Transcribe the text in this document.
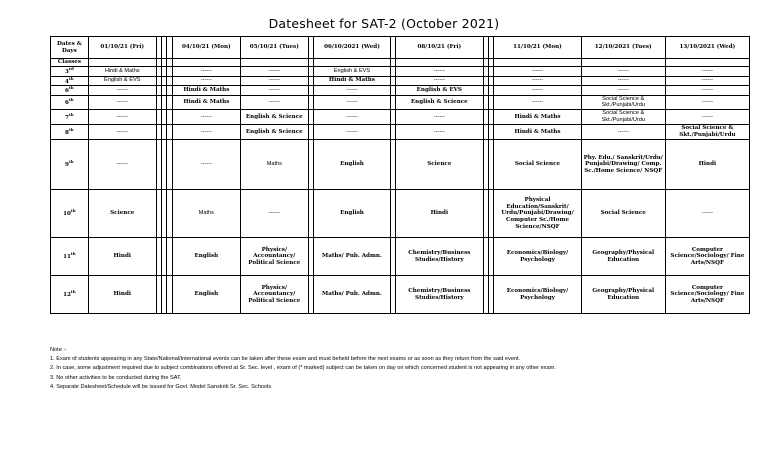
Datesheet for SAT-2 (October 2021)
Dates & Days	01/10/21 (Fri)				04/10/21 (Mon)	05/10/21 (Tues)		06/10/2021 (Wed)		08/10/21 (Fri)			11/10/21 (Mon)	12/10/2021 (Tues)	13/10/2021 (Wed)
Classes															
3rd	Hindi & Maths				------	------		English & EVS		------			------	------	------
4th	English & EVS				------	------		Hindi & Maths		------			------	------	------
6th	------				Hindi & Maths	------		------		English & EVS			------	------	------
6th	------				Hindi & Maths	------		------		English & Science			------	Social Science & Skt./Punjabi/Urdu	------
7th	------				------	English & Science		------		------			Hindi & Maths	Social Science & Skt./Punjabi/Urdu	------
8th	------				------	English & Science		------		------			Hindi & Maths	------	Social Science & Skt./Punjabi/Urdu
9th	------				------	Maths		English		Science			Social Science	Phy. Edu./ Sanskrit/Urdu/ Punjabi/Drawing/ Comp. Sc./Home Science/ NSQF	Hindi
10th	Science				Maths	------		English		Hindi			Physical Education/Sanskrit/ Urdu/Punjabi/Drawing/ Computer Sc./Home Science/NSQF	Social Science	------
11th	Hindi				English	Physics/ Accountancy/ Political Science		Maths/ Pub. Admn.		Chemistry/Business Studies/History			Economics/Biology/ Psychology	Geography/Physical Education	Computer Science/Sociology/ Fine Arts/NSQF
12th	Hindi				English	Physics/ Accountancy/ Political Science		Maths/ Pub. Admn.		Chemistry/Business Studies/History			Economics/Biology/ Psychology	Geography/Physical Education	Computer Science/Sociology/ Fine Arts/NSQF
Note :-
1. Exam of students appearing in any State/National/International events can be taken after these exam and must beheld before the next exams or as soon as they return from the said event.
2. In case, some adjustment required due to subject combinations offered at Sr. Sec. level , exam of (* marked) subject can be taken on day on which concerned student is not appearing in any other exam.
3. No other activities to be conducted during the SAT.
4. Separate Datesheet/Schedule will be issued for Govt. Model Sanskriti Sr. Sec. Schools.
